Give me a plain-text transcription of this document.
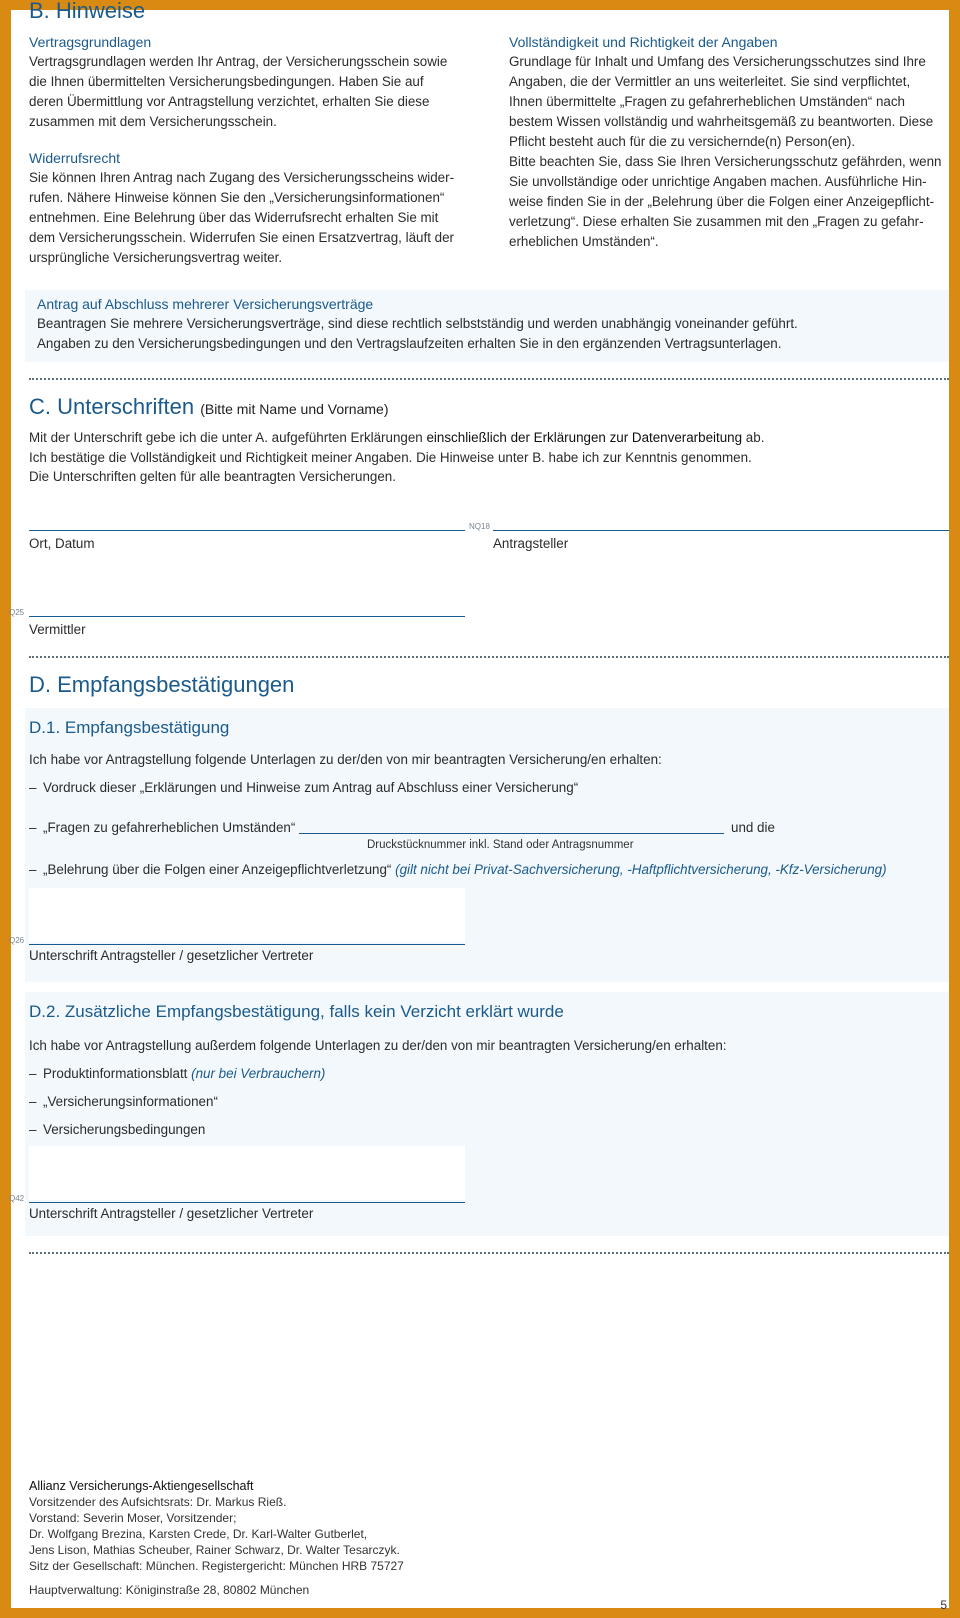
B. Hinweise
Vertragsgrundlagen

Vertragsgrundlagen werden Ihr Antrag, der Versicherungsschein sowie

die Ihnen übermittelten Versicherungsbedingungen. Haben Sie auf

deren Übermittlung vor Antragstellung verzichtet, erhalten Sie diese

zusammen mit dem Versicherungsschein.

Widerrufsrecht

Sie können Ihren Antrag nach Zugang des Versicherungsscheins wider-

rufen. Nähere Hinweise können Sie den „Versicherungsinformationen“

entnehmen. Eine Belehrung über das Widerrufsrecht erhalten Sie mit

dem Versicherungsschein. Widerrufen Sie einen Ersatzvertrag, läuft der

ursprüngliche Versicherungsvertrag weiter.

Vollständigkeit und Richtigkeit der Angaben

Grundlage für Inhalt und Umfang des Versicherungsschutzes sind Ihre

Angaben, die der Vermittler an uns weiterleitet. Sie sind verpflichtet,

Ihnen übermittelte „Fragen zu gefahrerheblichen Umständen“ nach

bestem Wissen vollständig und wahrheitsgemäß zu beantworten. Diese

Pflicht besteht auch für die zu versichernde(n) Person(en).

Bitte beachten Sie, dass Sie Ihren Versicherungsschutz gefährden, wenn

Sie unvollständige oder unrichtige Angaben machen. Ausführliche Hin-

weise finden Sie in der „Belehrung über die Folgen einer Anzeigepflicht-

verletzung“. Diese erhalten Sie zusammen mit den „Fragen zu gefahr-

erheblichen Umständen“.

Antrag auf Abschluss mehrerer Versicherungsverträge
Beantragen Sie mehrere Versicherungsverträge, sind diese rechtlich selbstständig und werden unabhängig voneinander geführt.
Angaben zu den Versicherungsbedingungen und den Vertragslaufzeiten erhalten Sie in den ergänzenden Vertragsunterlagen.
C. Unterschriften (Bitte mit Name und Vorname)
Mit der Unterschrift gebe ich die unter A. aufgeführten Erklärungen einschließlich der Erklärungen zur Datenverarbeitung ab.
Ich bestätige die Vollständigkeit und Richtigkeit meiner Angaben. Die Hinweise unter B. habe ich zur Kenntnis genommen.
Die Unterschriften gelten für alle beantragten Versicherungen.
Ort, Datum
NQ18
Antragsteller
Q25
Vermittler
D. Empfangsbestätigungen
D.1. Empfangsbestätigung
Ich habe vor Antragstellung folgende Unterlagen zu der/den von mir beantragten Versicherung/en erhalten:
– Vordruck dieser „Erklärungen und Hinweise zum Antrag auf Abschluss einer Versicherung“
– „Fragen zu gefahrerheblichen Umständen“	und die
Druckstücknummer inkl. Stand oder Antragsnummer
– „Belehrung über die Folgen einer Anzeigepflichtverletzung“ (gilt nicht bei Privat-Sachversicherung, -Haftpflichtversicherung, -Kfz-Versicherung)
Q26
Unterschrift Antragsteller / gesetzlicher Vertreter
D.2. Zusätzliche Empfangsbestätigung, falls kein Verzicht erklärt wurde
Ich habe vor Antragstellung außerdem folgende Unterlagen zu der/den von mir beantragten Versicherung/en erhalten:
– Produktinformationsblatt (nur bei Verbrauchern)
– „Versicherungsinformationen“
– Versicherungsbedingungen
Q42
Unterschrift Antragsteller / gesetzlicher Vertreter
Allianz Versicherungs-Aktiengesellschaft
Vorsitzender des Aufsichtsrats: Dr. Markus Rieß.
Vorstand: Severin Moser, Vorsitzender;
Dr. Wolfgang Brezina, Karsten Crede, Dr. Karl-Walter Gutberlet,
Jens Lison, Mathias Scheuber, Rainer Schwarz, Dr. Walter Tesarczyk.
Sitz der Gesellschaft: München. Registergericht: München HRB 75727
Hauptverwaltung: Königinstraße 28, 80802 München
5
